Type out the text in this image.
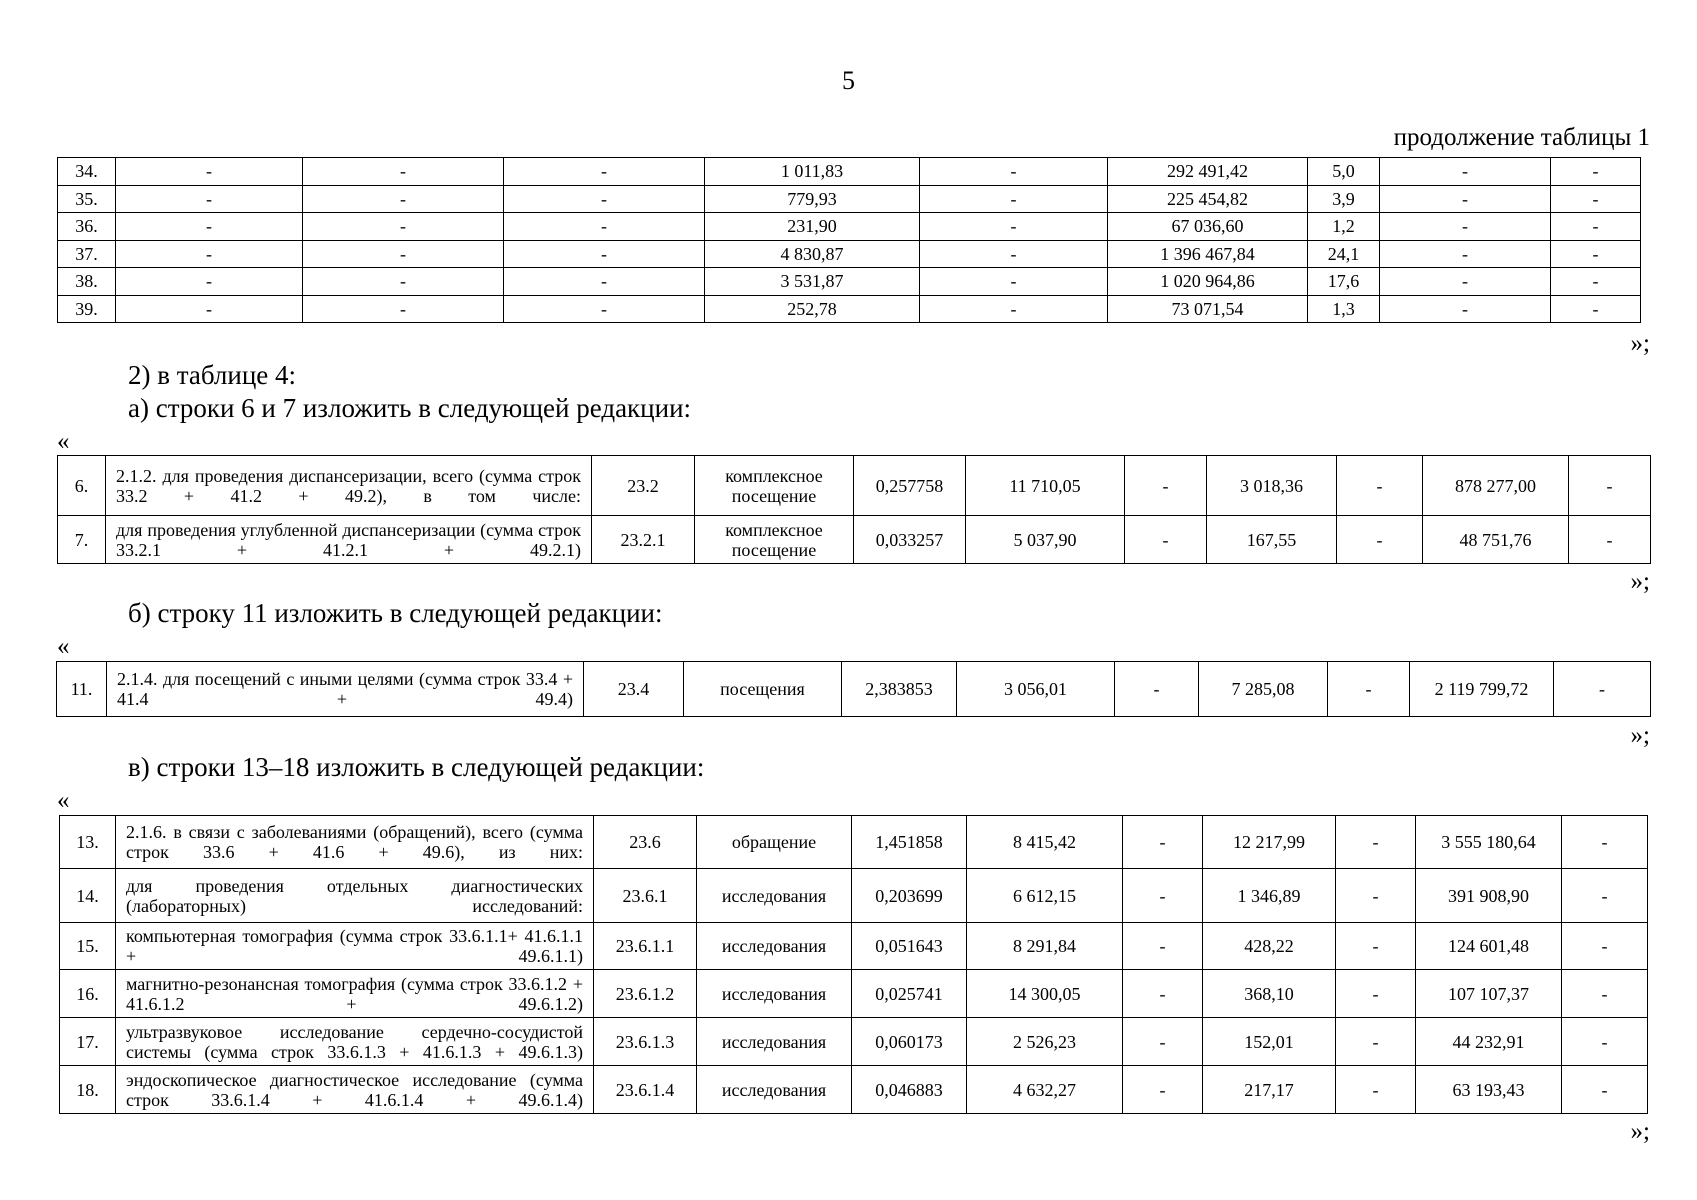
5
продолжение таблицы 1
34.	-	-	-	1 011,83	-	292 491,42	5,0	-	-
35.	-	-	-	779,93	-	225 454,82	3,9	-	-
36.	-	-	-	231,90	-	67 036,60	1,2	-	-
37.	-	-	-	4 830,87	-	1 396 467,84	24,1	-	-
38.	-	-	-	3 531,87	-	1 020 964,86	17,6	-	-
39.	-	-	-	252,78	-	73 071,54	1,3	-	-
»;
2) в таблице 4:
а) строки 6 и 7 изложить в следующей редакции:
«
6.	2.1.2. для проведения диспансеризации, всего (сумма строк 33.2 + 41.2 + 49.2), в том числе:	23.2	комплексное посещение	0,257758	11 710,05	-	3 018,36	-	878 277,00	-
7.	для проведения углубленной диспансеризации (сумма строк 33.2.1 + 41.2.1 + 49.2.1)	23.2.1	комплексное посещение	0,033257	5 037,90	-	167,55	-	48 751,76	-
»;
б) строку 11 изложить в следующей редакции:
«
11.	2.1.4. для посещений с иными целями (сумма строк 33.4 + 41.4 + 49.4)	23.4	посещения	2,383853	3 056,01	-	7 285,08	-	2 119 799,72	-
»;
в) строки 13–18 изложить в следующей редакции:
«
13.	2.1.6. в связи с заболеваниями (обращений), всего (сумма строк 33.6 + 41.6 + 49.6), из них:	23.6	обращение	1,451858	8 415,42	-	12 217,99	-	3 555 180,64	-
14.	для проведения отдельных диагностических (лабораторных) исследований:	23.6.1	исследования	0,203699	6 612,15	-	1 346,89	-	391 908,90	-
15.	компьютерная томография (сумма строк 33.6.1.1+ 41.6.1.1 + 49.6.1.1)	23.6.1.1	исследования	0,051643	8 291,84	-	428,22	-	124 601,48	-
16.	магнитно-резонансная томография (сумма строк 33.6.1.2 + 41.6.1.2 + 49.6.1.2)	23.6.1.2	исследования	0,025741	14 300,05	-	368,10	-	107 107,37	-
17.	ультразвуковое исследование сердечно-сосудистой системы (сумма строк 33.6.1.3 + 41.6.1.3 + 49.6.1.3)	23.6.1.3	исследования	0,060173	2 526,23	-	152,01	-	44 232,91	-
18.	эндоскопическое диагностическое исследование (сумма строк 33.6.1.4 + 41.6.1.4 + 49.6.1.4)	23.6.1.4	исследования	0,046883	4 632,27	-	217,17	-	63 193,43	-
»;
